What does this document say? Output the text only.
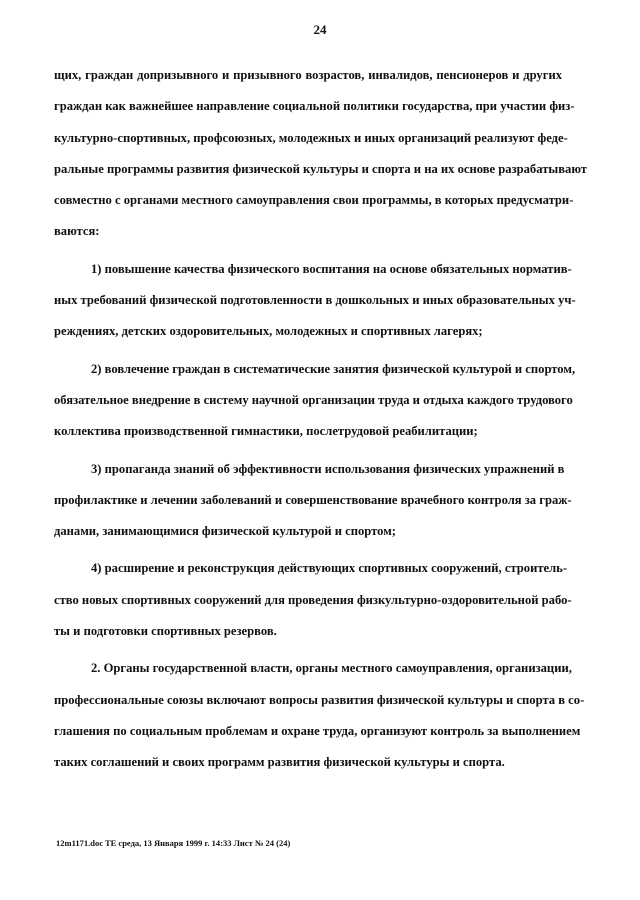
24
щих, граждан допризывного и призывного возрастов, инвалидов, пенсионеров и других
граждан как важнейшее направление социальной политики государства, при участии физ-
культурно-спортивных, профсоюзных, молодежных и иных организаций реализуют феде-
ральные программы развития физической культуры и спорта и на их основе разрабатывают
совместно с органами местного самоуправления свои программы, в которых предусматри-
ваются:
1) повышение качества физического воспитания на основе обязательных норматив-
ных требований физической подготовленности в дошкольных и иных образовательных уч-
реждениях, детских оздоровительных, молодежных и спортивных лагерях;
2) вовлечение граждан в систематические занятия физической культурой и спортом,
обязательное внедрение в систему научной организации труда и отдыха каждого трудового
коллектива производственной гимнастики, послетрудовой реабилитации;
3) пропаганда знаний об эффективности использования физических упражнений в
профилактике и лечении заболеваний и совершенствование врачебного контроля за граж-
данами, занимающимися физической культурой и спортом;
4) расширение и реконструкция действующих спортивных сооружений, строитель-
ство новых спортивных сооружений для проведения физкультурно-оздоровительной рабо-
ты и подготовки спортивных резервов.
2. Органы государственной власти, органы местного самоуправления, организации,
профессиональные союзы включают вопросы развития физической культуры и спорта в со-
глашения по социальным проблемам и охране труда, организуют контроль за выполнением
таких соглашений и своих программ развития физической культуры и спорта.
12m1171.doc TE среда, 13 Января 1999 г. 14:33 Лист № 24 (24)
